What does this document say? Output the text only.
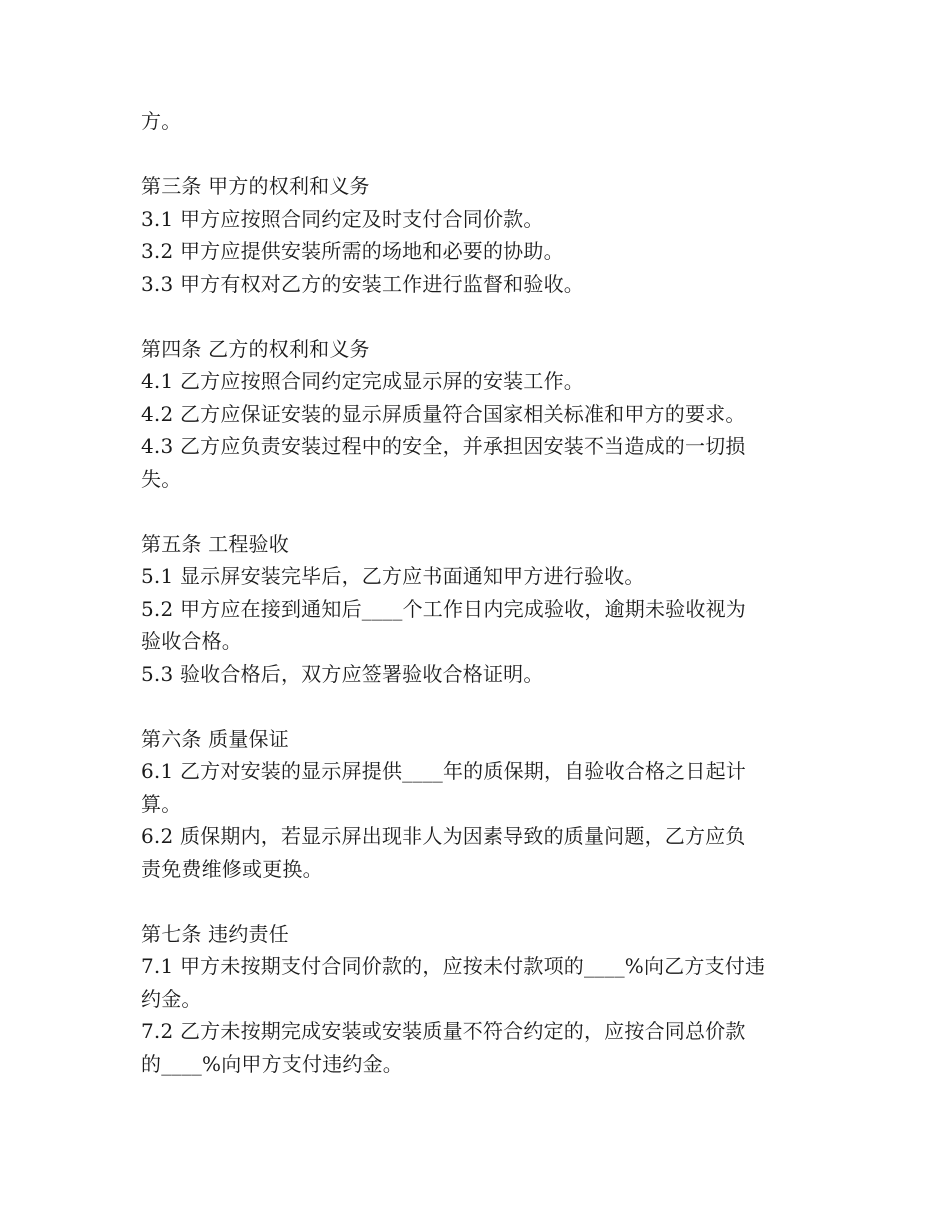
方。
第三条 甲方的权利和义务
3.1 甲方应按照合同约定及时支付合同价款。
3.2 甲方应提供安装所需的场地和必要的协助。
3.3 甲方有权对乙方的安装工作进行监督和验收。
第四条 乙方的权利和义务
4.1 乙方应按照合同约定完成显示屏的安装工作。
4.2 乙方应保证安装的显示屏质量符合国家相关标准和甲方的要求。
4.3 乙方应负责安装过程中的安全，并承担因安装不当造成的一切损
失。
第五条 工程验收
5.1 显示屏安装完毕后，乙方应书面通知甲方进行验收。
5.2 甲方应在接到通知后____个工作日内完成验收，逾期未验收视为
验收合格。
5.3 验收合格后，双方应签署验收合格证明。
第六条 质量保证
6.1 乙方对安装的显示屏提供____年的质保期，自验收合格之日起计
算。
6.2 质保期内，若显示屏出现非人为因素导致的质量问题，乙方应负
责免费维修或更换。
第七条 违约责任
7.1 甲方未按期支付合同价款的，应按未付款项的____%向乙方支付违
约金。
7.2 乙方未按期完成安装或安装质量不符合约定的，应按合同总价款
的____%向甲方支付违约金。
